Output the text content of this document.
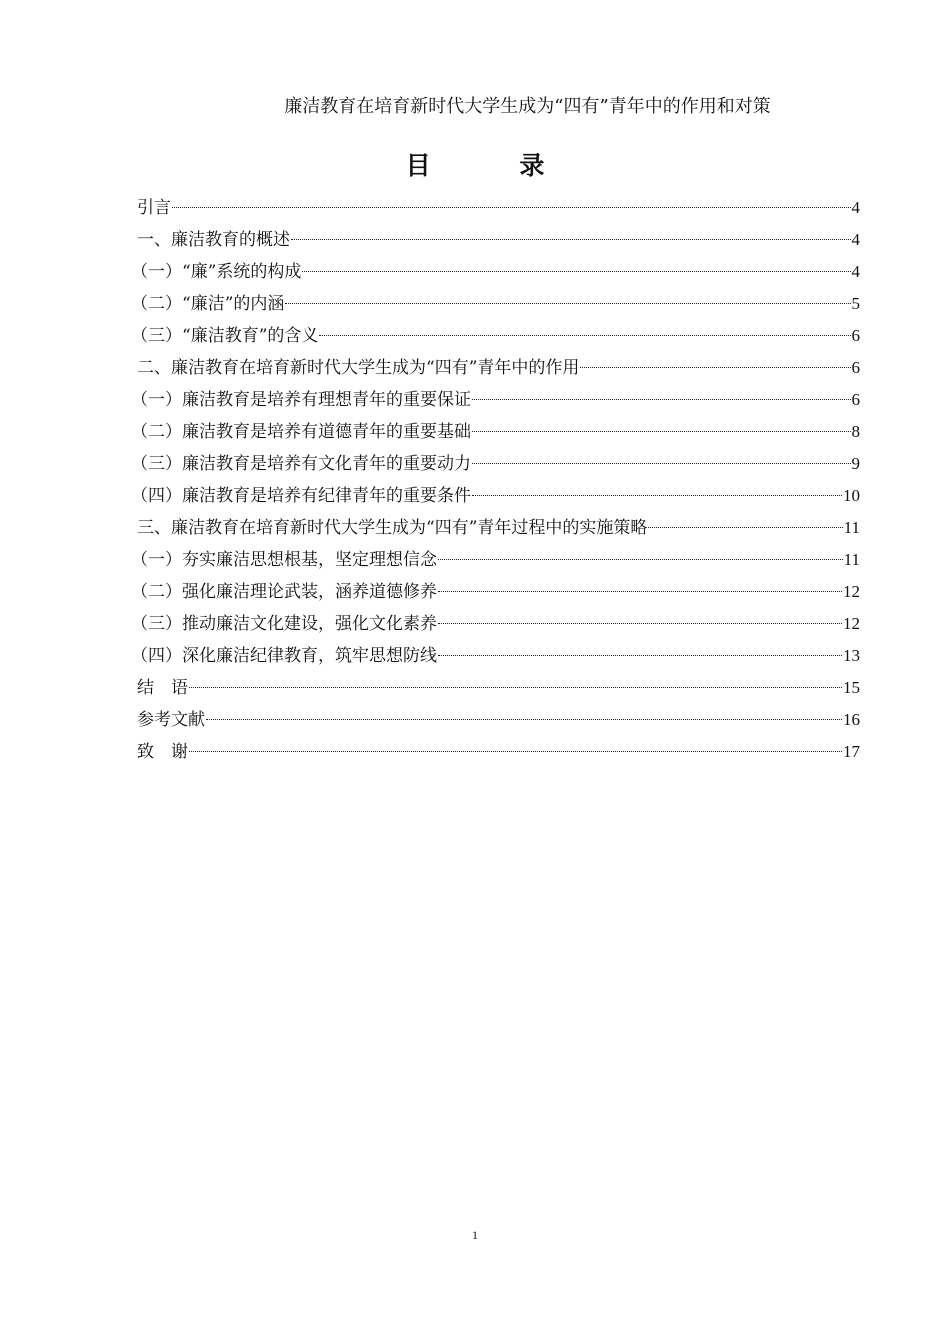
廉洁教育在培育新时代大学生成为“四有”青年中的作用和对策
目 录
引言	4
一、廉洁教育的概述	4
（一）“廉”系统的构成	4
（二）“廉洁”的内涵	5
（三）“廉洁教育”的含义	6
二、廉洁教育在培育新时代大学生成为“四有”青年中的作用	6
（一）廉洁教育是培养有理想青年的重要保证	6
（二）廉洁教育是培养有道德青年的重要基础	8
（三）廉洁教育是培养有文化青年的重要动力	9
（四）廉洁教育是培养有纪律青年的重要条件	10
三、廉洁教育在培育新时代大学生成为“四有”青年过程中的实施策略	11
（一）夯实廉洁思想根基，坚定理想信念	11
（二）强化廉洁理论武装，涵养道德修养	12
（三）推动廉洁文化建设，强化文化素养	12
（四）深化廉洁纪律教育，筑牢思想防线	13
结　语	15
参考文献	16
致　谢	17
1
